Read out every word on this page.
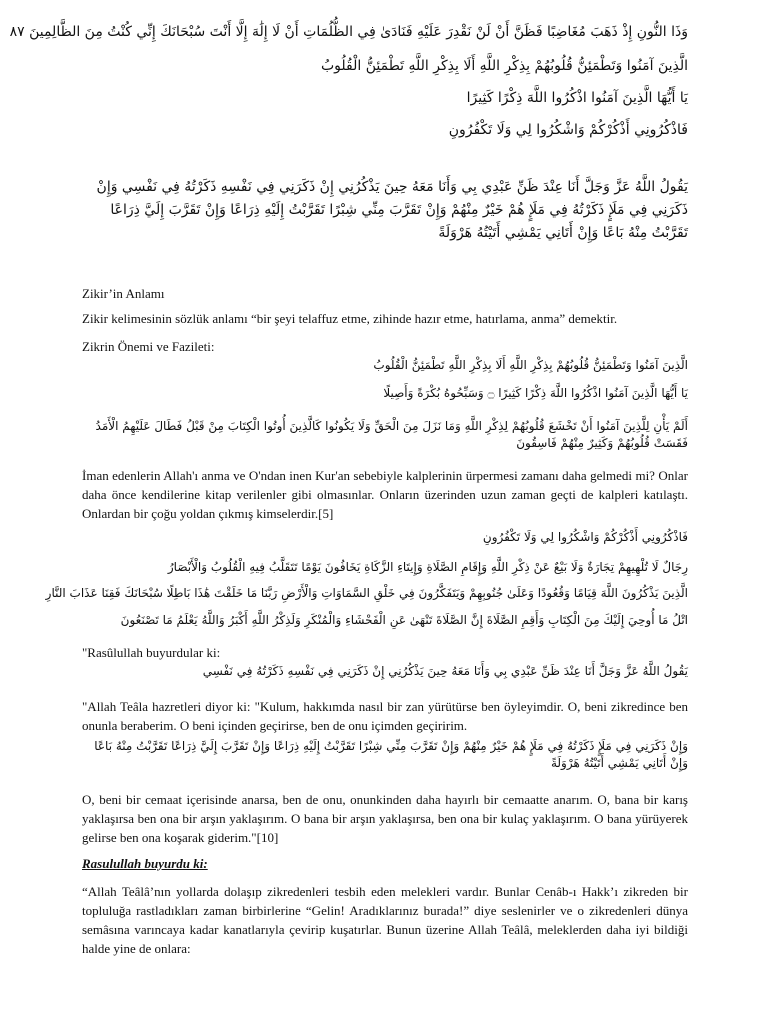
وَذَا النُّونِ إِذْ ذَهَبَ مُغَاضِبًا فَظَنَّ أَنْ لَنْ نَقْدِرَ عَلَيْهِ فَنَادَىٰ فِي الظُّلُمَاتِ أَنْ لَا إِلَٰهَ إِلَّا أَنْتَ سُبْحَانَكَ إِنِّي كُنْتُ مِنَ الظَّالِمِينَ ٨٧
الَّذِينَ آمَنُوا وَتَطْمَئِنُّ قُلُوبُهُمْ بِذِكْرِ اللَّهِ أَلَا بِذِكْرِ اللَّهِ تَطْمَئِنُّ الْقُلُوبُ
يَا أَيُّهَا الَّذِينَ آمَنُوا اذْكُرُوا اللَّهَ ذِكْرًا كَثِيرًا
فَاذْكُرُونِي أَذْكُرْكُمْ وَاشْكُرُوا لِي وَلَا تَكْفُرُونِ
يَقُولُ اللَّهُ عَزَّ وَجَلَّ أَنَا عِنْدَ ظَنِّ عَبْدِي بِي وَأَنَا مَعَهُ حِينَ يَذْكُرُنِي إِنْ ذَكَرَنِي فِي نَفْسِهِ ذَكَرْتُهُ فِي نَفْسِي وَإِنْ ذَكَرَنِي فِي مَلَإٍ ذَكَرْتُهُ فِي مَلَإٍ هُمْ خَيْرٌ مِنْهُمْ وَإِنْ تَقَرَّبَ مِنِّي شِبْرًا تَقَرَّبْتُ إِلَيْهِ ذِرَاعًا وَإِنْ تَقَرَّبَ إِلَيَّ ذِرَاعًا تَقَرَّبْتُ مِنْهُ بَاعًا وَإِنْ أَتَانِي يَمْشِي أَتَيْتُهُ هَرْوَلَةً
Zikir’in Anlamı
Zikir kelimesinin sözlük anlamı “bir şeyi telaffuz etme, zihinde hazır etme, hatırlama, anma” demektir.
Zikrin Önemi ve Fazileti:
الَّذِينَ آمَنُوا وَتَطْمَئِنُّ قُلُوبُهُمْ بِذِكْرِ اللَّهِ أَلَا بِذِكْرِ اللَّهِ تَطْمَئِنُّ الْقُلُوبُ
يَا أَيُّهَا الَّذِينَ آمَنُوا اذْكُرُوا اللَّهَ ذِكْرًا كَثِيرًا ۝ وَسَبِّحُوهُ بُكْرَةً وَأَصِيلًا
أَلَمْ يَأْنِ لِلَّذِينَ آمَنُوا أَنْ تَخْشَعَ قُلُوبُهُمْ لِذِكْرِ اللَّهِ وَمَا نَزَلَ مِنَ الْحَقِّ وَلَا يَكُونُوا كَالَّذِينَ أُوتُوا الْكِتَابَ مِنْ قَبْلُ فَطَالَ عَلَيْهِمُ الْأَمَدُ فَقَسَتْ قُلُوبُهُمْ وَكَثِيرٌ مِنْهُمْ فَاسِقُونَ
İman edenlerin Allah'ı anma ve O'ndan inen Kur'an sebebiyle kalplerinin ürpermesi zamanı daha gelmedi mi? Onlar daha önce kendilerine kitap verilenler gibi olmasınlar. Onların üzerinden uzun zaman geçti de kalpleri katılaştı. Onlardan bir çoğu yoldan çıkmış kimselerdir.[5]
فَاذْكُرُونِي أَذْكُرْكُمْ وَاشْكُرُوا لِي وَلَا تَكْفُرُونِ
رِجَالٌ لَا تُلْهِيهِمْ تِجَارَةٌ وَلَا بَيْعٌ عَنْ ذِكْرِ اللَّهِ وَإِقَامِ الصَّلَاةِ وَإِيتَاءِ الزَّكَاةِ يَخَافُونَ يَوْمًا تَتَقَلَّبُ فِيهِ الْقُلُوبُ وَالْأَبْصَارُ
الَّذِينَ يَذْكُرُونَ اللَّهَ قِيَامًا وَقُعُودًا وَعَلَىٰ جُنُوبِهِمْ وَيَتَفَكَّرُونَ فِي خَلْقِ السَّمَاوَاتِ وَالْأَرْضِ رَبَّنَا مَا خَلَقْتَ هَٰذَا بَاطِلًا سُبْحَانَكَ فَقِنَا عَذَابَ النَّارِ
اتْلُ مَا أُوحِيَ إِلَيْكَ مِنَ الْكِتَابِ وَأَقِمِ الصَّلَاةَ إِنَّ الصَّلَاةَ تَنْهَىٰ عَنِ الْفَحْشَاءِ وَالْمُنْكَرِ وَلَذِكْرُ اللَّهِ أَكْبَرُ وَاللَّهُ يَعْلَمُ مَا تَصْنَعُونَ
"Rasûlullah buyurdular ki:
يَقُولُ اللَّهُ عَزَّ وَجَلَّ أَنَا عِنْدَ ظَنِّ عَبْدِي بِي وَأَنَا مَعَهُ حِينَ يَذْكُرُنِي إِنْ ذَكَرَنِي فِي نَفْسِهِ ذَكَرْتُهُ فِي نَفْسِي
"Allah Teâla hazretleri diyor ki: "Kulum, hakkımda nasıl bir zan yürütürse ben öyleyimdir. O, beni zikredince ben onunla beraberim. O beni içinden geçirirse, ben de onu içimden geçiririm.
وَإِنْ ذَكَرَنِي فِي مَلَإٍ ذَكَرْتُهُ فِي مَلَإٍ هُمْ خَيْرٌ مِنْهُمْ وَإِنْ تَقَرَّبَ مِنِّي شِبْرًا تَقَرَّبْتُ إِلَيْهِ ذِرَاعًا وَإِنْ تَقَرَّبَ إِلَيَّ ذِرَاعًا تَقَرَّبْتُ مِنْهُ بَاعًا وَإِنْ أَتَانِي يَمْشِي أَتَيْتُهُ هَرْوَلَةً
O, beni bir cemaat içerisinde anarsa, ben de onu, onunkinden daha hayırlı bir cemaatte anarım. O, bana bir karış yaklaşırsa ben ona bir arşın yaklaşırım. O bana bir arşın yaklaşırsa, ben ona bir kulaç yaklaşırım. O bana yürüyerek gelirse ben ona koşarak giderim."[10]
Rasulullah buyurdu ki:
“Allah Teâlâ’nın yollarda dolaşıp zikredenleri tesbih eden melekleri vardır. Bunlar Cenâb-ı Hakk’ı zikreden bir topluluğa rastladıkları zaman birbirlerine “Gelin! Aradıklarınız burada!” diye seslenirler ve o zikredenleri dünya semâsına varıncaya kadar kanatlarıyla çevirip kuşatırlar. Bunun üzerine Allah Teâlâ, meleklerden daha iyi bildiği halde yine de onlara:
